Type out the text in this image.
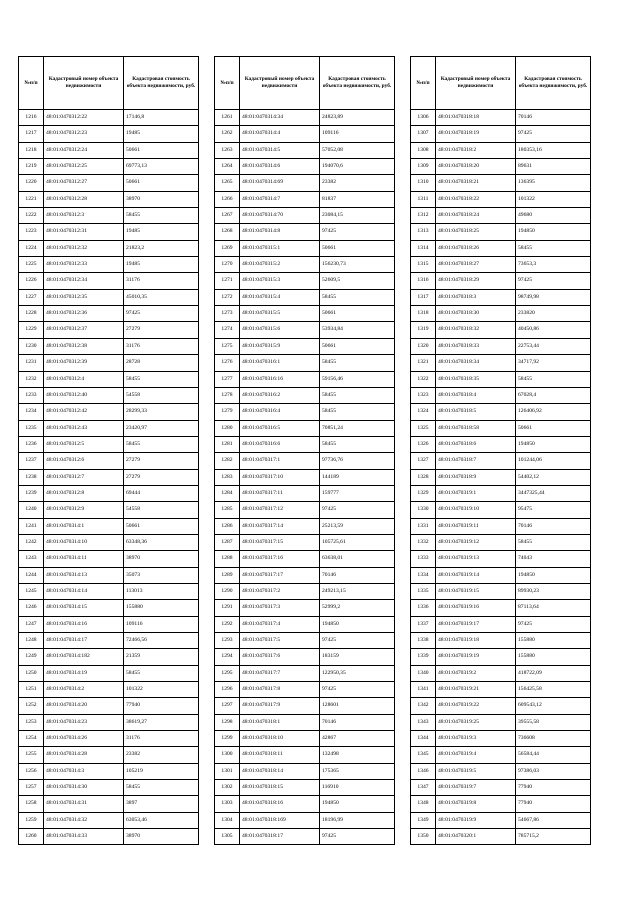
№п/п	Кадастровый номер объекта недвижимости	Кадастровая стоимость объекта недвижимости, руб.
1216	48:01:0470312:22	17146,8
1217	48:01:0470312:23	19485
1218	48:01:0470312:24	50661
1219	48:01:0470312:25	69773,13
1220	48:01:0470312:27	50661
1221	48:01:0470312:28	38970
1222	48:01:0470312:3	58455
1223	48:01:0470312:31	19485
1224	48:01:0470312:32	21823,2
1225	48:01:0470312:33	19485
1226	48:01:0470312:34	31176
1227	48:01:0470312:35	45010,35
1228	48:01:0470312:36	97425
1229	48:01:0470312:37	27279
1230	48:01:0470312:38	31176
1231	48:01:0470312:39	28728
1232	48:01:0470312:4	58455
1233	48:01:0470312:40	54558
1234	48:01:0470312:42	28299,33
1235	48:01:0470312:43	23420,97
1236	48:01:0470312:5	58455
1237	48:01:0470312:6	27279
1238	48:01:0470312:7	27279
1239	48:01:0470312:8	69444
1240	48:01:0470312:9	54558
1241	48:01:0470314:1	50661
1242	48:01:0470314:10	63348,36
1243	48:01:0470314:11	38970
1244	48:01:0470314:13	35073
1245	48:01:0470314:14	113013
1246	48:01:0470314:15	155880
1247	48:01:0470314:16	109116
1248	48:01:0470314:17	72466,56
1249	48:01:0470314:182	21359
1250	48:01:0470314:19	58455
1251	48:01:0470314:2	101322
1252	48:01:0470314:20	77940
1253	48:01:0470314:23	38619,27
1254	48:01:0470314:26	31176
1255	48:01:0470314:28	23382
1256	48:01:0470314:3	105219
1257	48:01:0470314:30	58455
1258	48:01:0470314:31	3897
1259	48:01:0470314:32	63053,46
1260	48:01:0470314:33	38970
№п/п	Кадастровый номер объекта недвижимости	Кадастровая стоимость объекта недвижимости, руб.
1261	48:01:0470314:34	24823,89
1262	48:01:0470314:4	109116
1263	48:01:0470314:5	57052,08
1264	48:01:0470314:6	194070,6
1265	48:01:0470314:69	23382
1266	48:01:0470314:7	81837
1267	48:01:0470314:70	23084,15
1268	48:01:0470314:8	97425
1269	48:01:0470315:1	50661
1270	48:01:0470315:2	156230,73
1271	48:01:0470315:3	52609,5
1272	48:01:0470315:4	58455
1273	48:01:0470315:5	50661
1274	48:01:0470315:6	53934,84
1275	48:01:0470315:9	50661
1276	48:01:0470316:1	58455
1277	48:01:0470316:16	59156,46
1278	48:01:0470316:2	58455
1279	48:01:0470316:4	58455
1280	48:01:0470316:5	70851,24
1281	48:01:0470316:6	58455
1282	48:01:0470317:1	97736,76
1283	48:01:0470317:10	144189
1284	48:01:0470317:11	159777
1285	48:01:0470317:12	97425
1286	48:01:0470317:14	25213,59
1287	48:01:0470317:15	105725,61
1288	48:01:0470317:16	63638,01
1289	48:01:0470317:17	70146
1290	48:01:0470317:2	249213,15
1291	48:01:0470317:3	52999,2
1292	48:01:0470317:4	194850
1293	48:01:0470317:5	97425
1294	48:01:0470317:6	183159
1295	48:01:0470317:7	122950,35
1296	48:01:0470317:8	97425
1297	48:01:0470317:9	128601
1298	48:01:0470318:1	70146
1299	48:01:0470318:10	42867
1300	48:01:0470318:11	132498
1301	48:01:0470318:14	175365
1302	48:01:0470318:15	116910
1303	48:01:0470318:16	194850
1304	48:01:0470318:169	18196,99
1305	48:01:0470318:17	97425
№п/п	Кадастровый номер объекта недвижимости	Кадастровая стоимость объекта недвижимости, руб.
1306	48:01:0470318:18	70146
1307	48:01:0470318:19	97425
1308	48:01:0470318:2	180353,16
1309	48:01:0470318:20	89631
1310	48:01:0470318:21	136395
1311	48:01:0470318:22	101322
1312	48:01:0470318:24	49680
1313	48:01:0470318:25	194850
1314	48:01:0470318:26	58455
1315	48:01:0470318:27	73653,3
1316	48:01:0470318:29	97425
1317	48:01:0470318:3	98749,98
1318	48:01:0470318:30	233820
1319	48:01:0470318:32	40450,86
1320	48:01:0470318:33	22753,44
1321	48:01:0470318:34	34717,92
1322	48:01:0470318:35	58455
1323	48:01:0470318:4	67028,4
1324	48:01:0470318:5	126406,92
1325	48:01:0470318:58	50661
1326	48:01:0470318:6	194850
1327	48:01:0470318:7	101244,06
1328	48:01:0470318:9	54402,12
1329	48:01:0470319:1	3447325,44
1330	48:01:0470319:10	95475
1331	48:01:0470319:11	70146
1332	48:01:0470319:12	58455
1333	48:01:0470319:13	74043
1334	48:01:0470319:14	194850
1335	48:01:0470319:15	89930,23
1336	48:01:0470319:16	87113,64
1337	48:01:0470319:17	97425
1338	48:01:0470319:18	155880
1339	48:01:0470319:19	155880
1340	48:01:0470319:2	418722,09
1341	48:01:0470319:21	156425,58
1342	48:01:0470319:22	609543,12
1343	48:01:0470319:25	39555,58
1344	48:01:0470319:3	736608
1345	48:01:0470319:4	56584,44
1346	48:01:0470319:5	97386,03
1347	48:01:0470319:7	77940
1348	48:01:0470319:8	77940
1349	48:01:0470319:9	54667,86
1350	48:01:0470320:1	785715,2
